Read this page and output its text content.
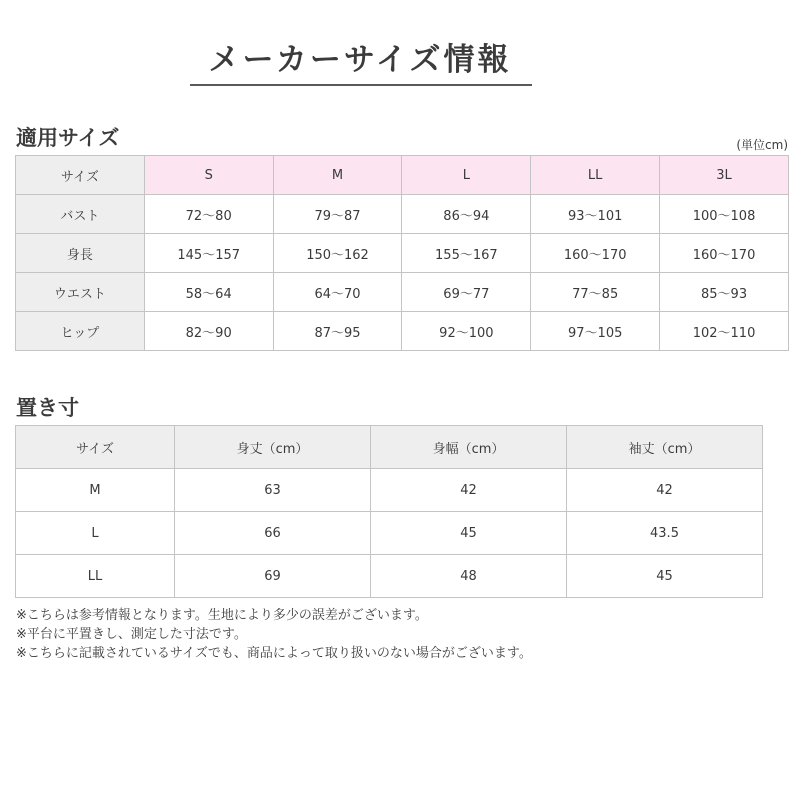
メーカーサイズ情報
適用サイズ	(単位cm)
サイズ	S	M	L	LL	3L
バスト	72〜80	79〜87	86〜94	93〜101	100〜108
身長	145〜157	150〜162	155〜167	160〜170	160〜170
ウエスト	58〜64	64〜70	69〜77	77〜85	85〜93
ヒップ	82〜90	87〜95	92〜100	97〜105	102〜110
置き寸
サイズ	身丈（cm）	身幅（cm）	袖丈（cm）
M	63	42	42
L	66	45	43.5
LL	69	48	45
※こちらは参考情報となります。生地により多少の誤差がございます。
※平台に平置きし、測定した寸法です。
※こちらに記載されているサイズでも、商品によって取り扱いのない場合がございます。
